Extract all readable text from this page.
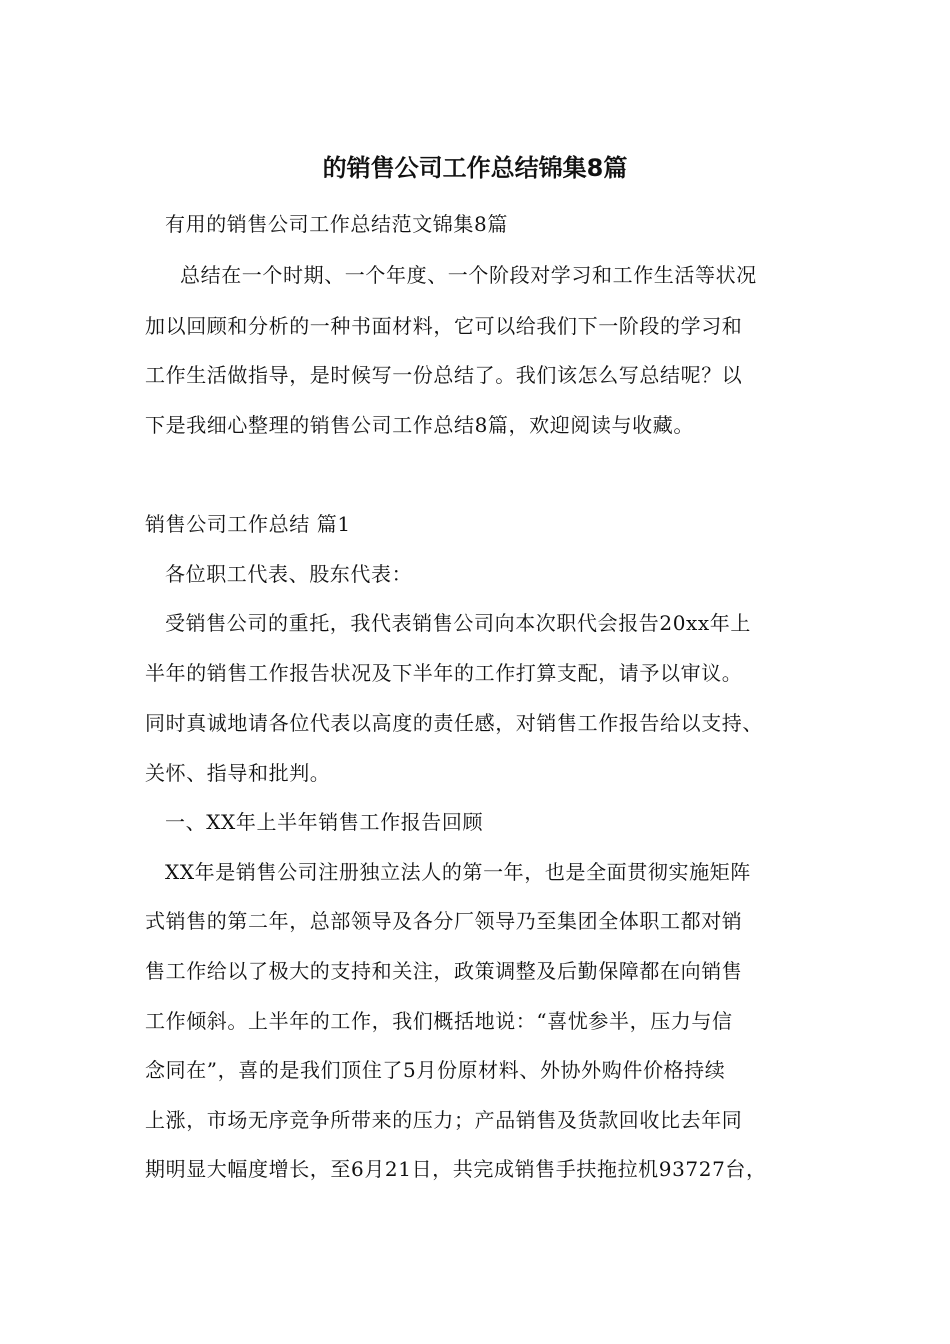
的销售公司工作总结锦集8篇
有用的销售公司工作总结范文锦集8篇
总结在一个时期、一个年度、一个阶段对学习和工作生活等状况
加以回顾和分析的一种书面材料，它可以给我们下一阶段的学习和
工作生活做指导，是时候写一份总结了。我们该怎么写总结呢？以
下是我细心整理的销售公司工作总结8篇，欢迎阅读与收藏。
销售公司工作总结 篇1
各位职工代表、股东代表：
受销售公司的重托，我代表销售公司向本次职代会报告20xx年上
半年的销售工作报告状况及下半年的工作打算支配，请予以审议。
同时真诚地请各位代表以高度的责任感，对销售工作报告给以支持、
关怀、指导和批判。
一、XX年上半年销售工作报告回顾
XX年是销售公司注册独立法人的第一年，也是全面贯彻实施矩阵
式销售的第二年，总部领导及各分厂领导乃至集团全体职工都对销
售工作给以了极大的支持和关注，政策调整及后勤保障都在向销售
工作倾斜。上半年的工作，我们概括地说：“喜忧参半，压力与信
念同在”，喜的是我们顶住了5月份原材料、外协外购件价格持续
上涨，市场无序竞争所带来的压力；产品销售及货款回收比去年同
期明显大幅度增长，至6月21日，共完成销售手扶拖拉机93727台，
